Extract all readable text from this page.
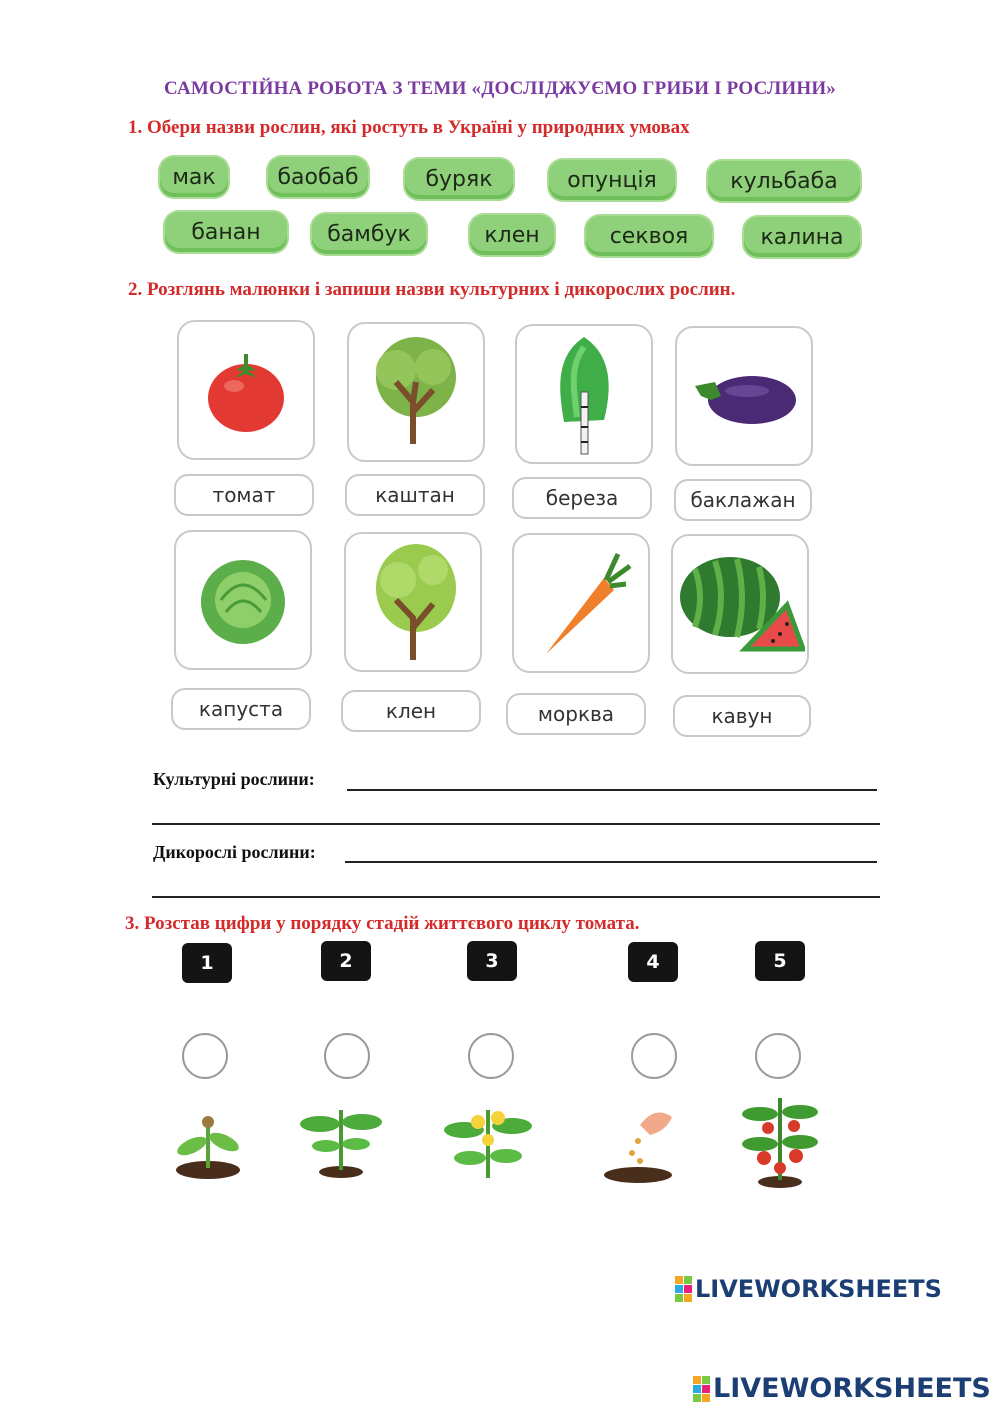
САМОСТІЙНА РОБОТА З ТЕМИ «ДОСЛІДЖУЄМО ГРИБИ І РОСЛИНИ»
1. Обери назви рослин, які ростуть в Україні у природних умовах
мак	баобаб	буряк	опунція	кульбаба
банан	бамбук	клен	секвоя	калина
2. Розглянь малюнки і запиши назви культурних і дикорослих рослин.
томат	каштан	береза	баклажан
капуста	клен	морква	кавун
Культурні рослини:
Дикорослі рослини:
3. Розстав цифри у порядку стадій життєвого циклу томата.
1	2	3	4	5
LIVEWORKSHEETS
LIVEWORKSHEETS
